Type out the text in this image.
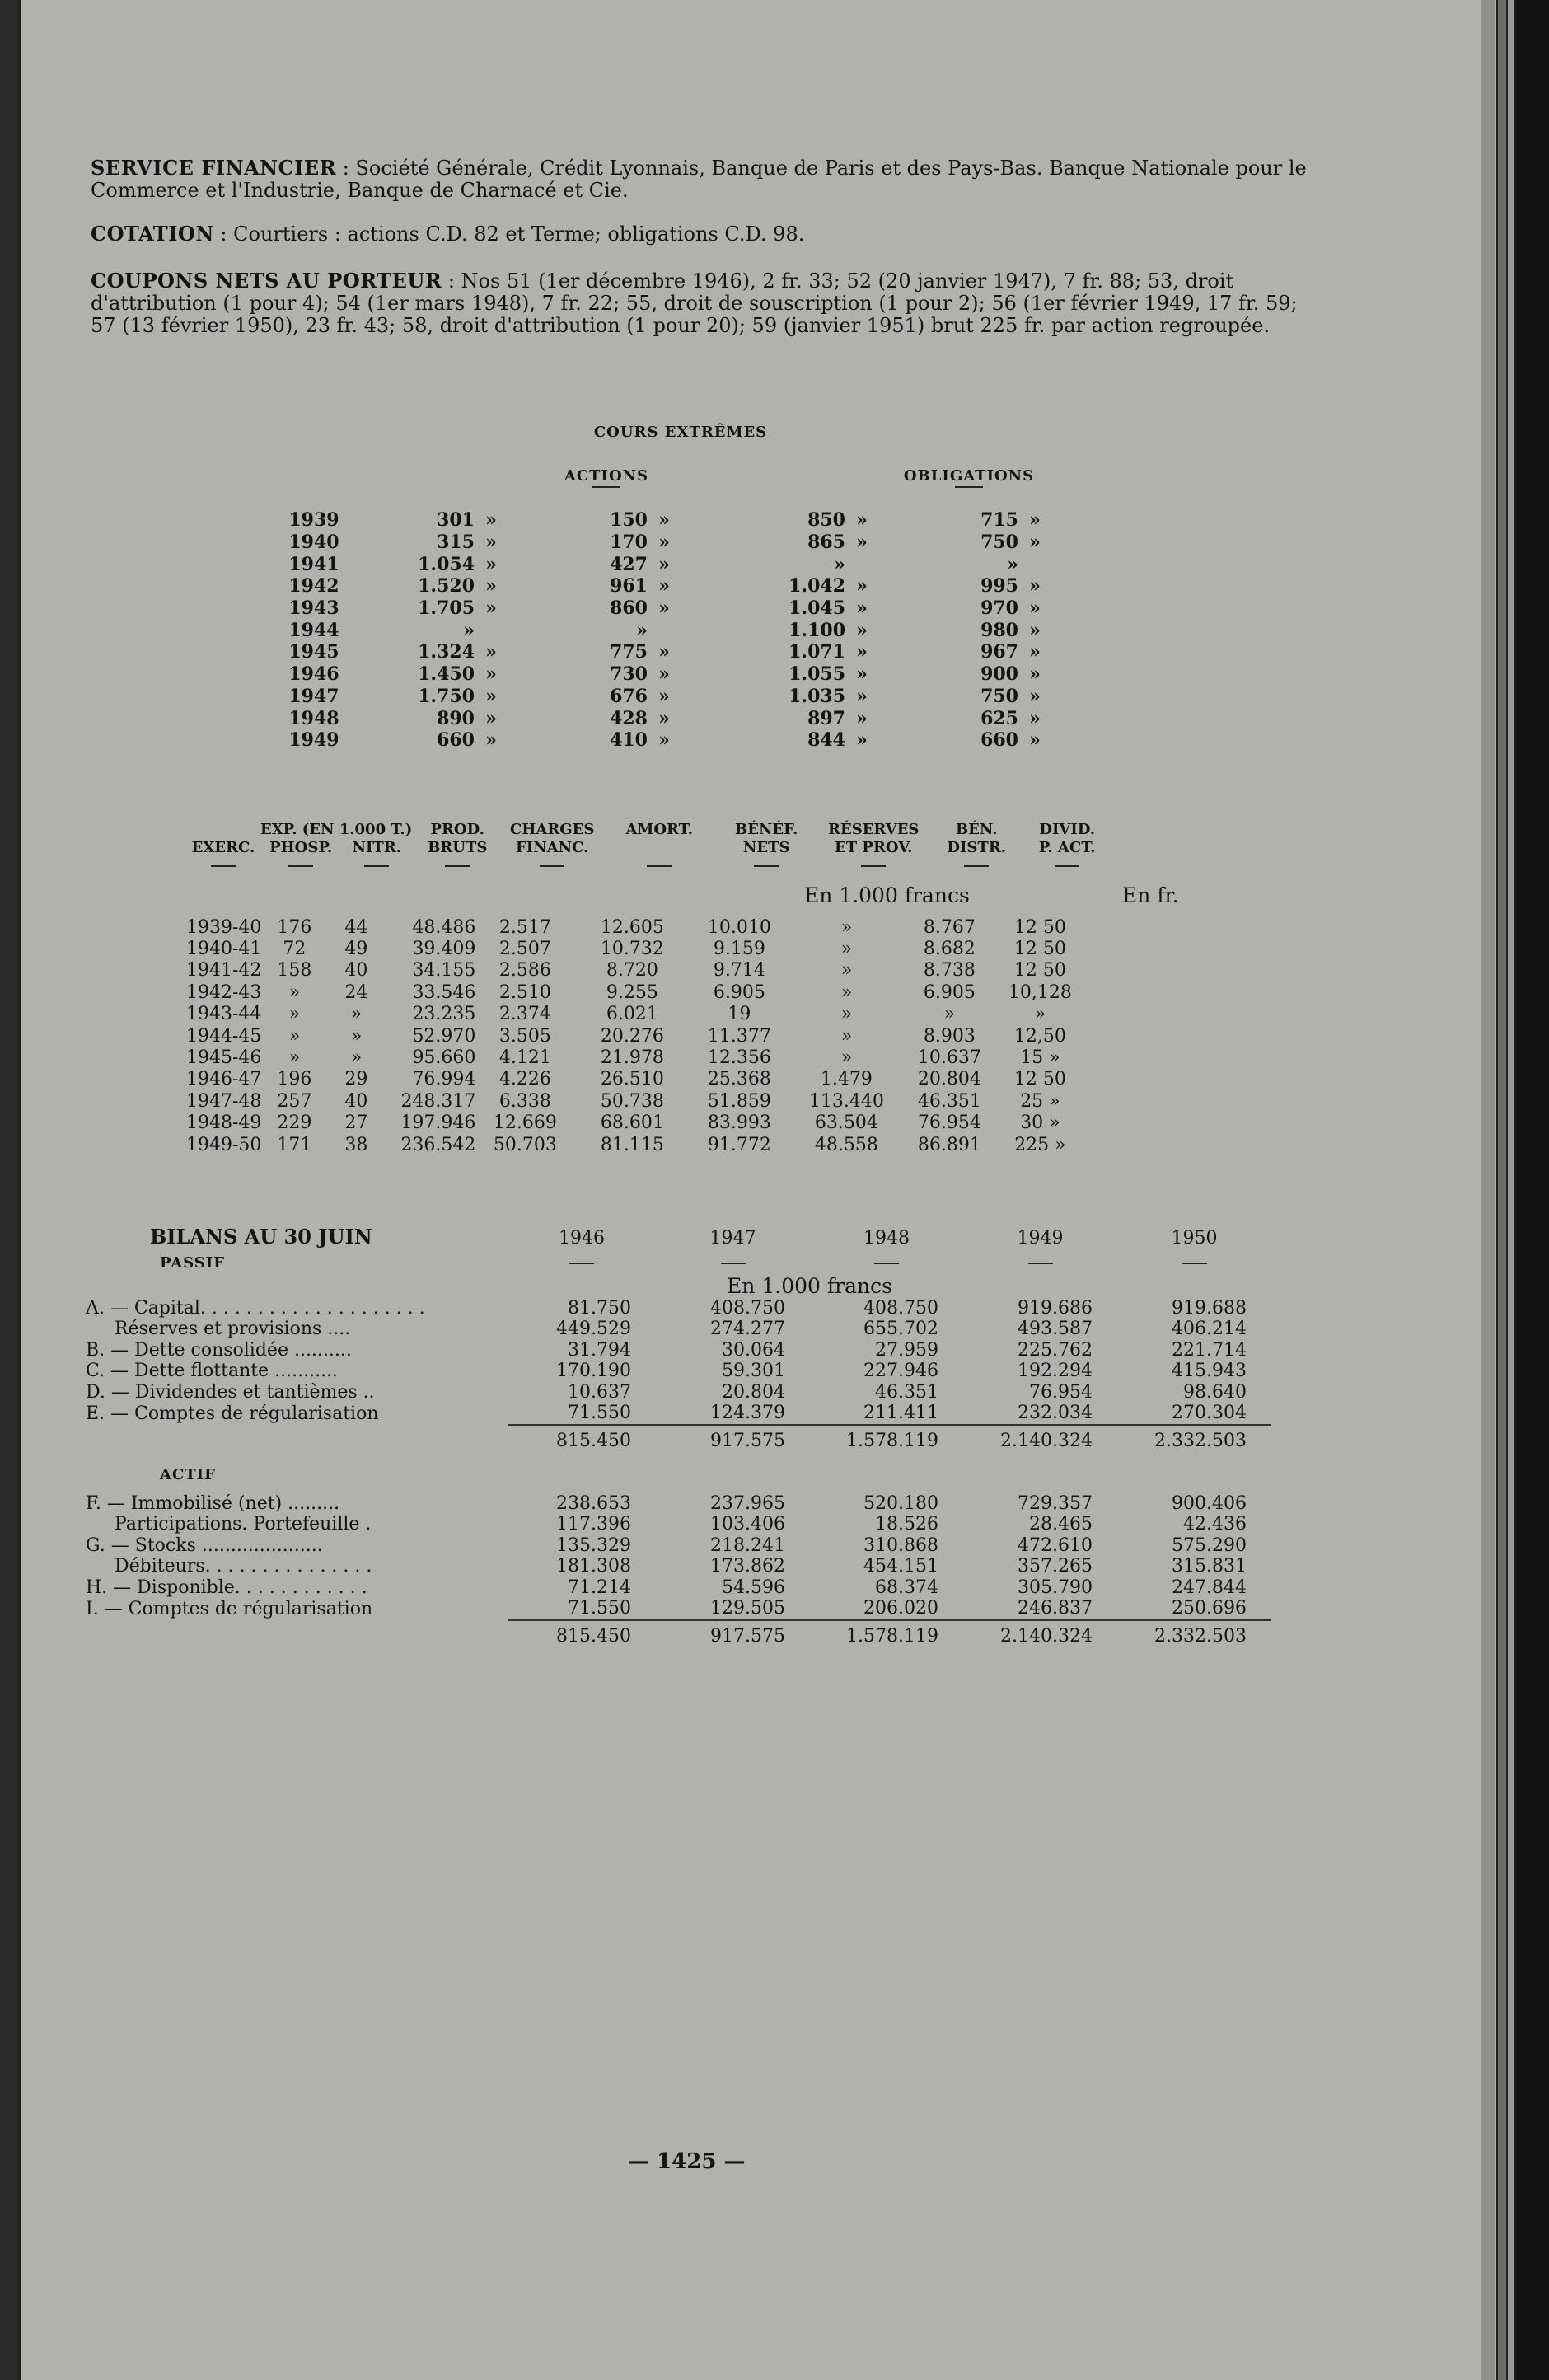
SERVICE FINANCIER : Société Générale, Crédit Lyonnais, Banque de Paris et des Pays-Bas. Banque Nationale pour le Commerce et l'Industrie, Banque de Charnacé et Cie.

COTATION : Courtiers : actions C.D. 82 et Terme; obligations C.D. 98.

COUPONS NETS AU PORTEUR : Nos 51 (1er décembre 1946), 2 fr. 33; 52 (20 janvier 1947), 7 fr. 88; 53, droit d'attribution (1 pour 4); 54 (1er mars 1948), 7 fr. 22; 55, droit de souscription (1 pour 2); 56 (1er février 1949, 17 fr. 59; 57 (13 février 1950), 23 fr. 43; 58, droit d'attribution (1 pour 20); 59 (janvier 1951) brut 225 fr. par action regroupée.

COURS EXTRÊMES
ACTIONS	OBLIGATIONS
1939	301	»	150	»	850	»	715	»
1940	315	»	170	»	865	»	750	»
1941	1.054	»	427	»	»		»	
1942	1.520	»	961	»	1.042	»	995	»
1943	1.705	»	860	»	1.045	»	970	»
1944	»		»		1.100	»	980	»
1945	1.324	»	775	»	1.071	»	967	»
1946	1.450	»	730	»	1.055	»	900	»
1947	1.750	»	676	»	1.035	»	750	»
1948	890	»	428	»	897	»	625	»
1949	660	»	410	»	844	»	660	»
	EXP. (EN 1.000 T.)		PROD.	CHARGES	AMORT.	BÉNÉF.	RÉSERVES	BÉN.	DIVID.
EXERC.	PHOSP.	NITR.	BRUTS	FINANC.		NETS	ET PROV.	DISTR.	P. ACT.

En 1.000 francs	En fr.
1939-40	176	44	48.486	2.517	12.605	10.010	»	8.767	12 50
1940-41	72	49	39.409	2.507	10.732	9.159	»	8.682	12 50
1941-42	158	40	34.155	2.586	8.720	9.714	»	8.738	12 50
1942-43	»	24	33.546	2.510	9.255	6.905	»	6.905	10,128
1943-44	»	»	23.235	2.374	6.021	19	»	»	»
1944-45	»	»	52.970	3.505	20.276	11.377	»	8.903	12,50
1945-46	»	»	95.660	4.121	21.978	12.356	»	10.637	15 »
1946-47	196	29	76.994	4.226	26.510	25.368	1.479	20.804	12 50
1947-48	257	40	248.317	6.338	50.738	51.859	113.440	46.351	25 »
1948-49	229	27	197.946	12.669	68.601	83.993	63.504	76.954	30 »
1949-50	171	38	236.542	50.703	81.115	91.772	48.558	86.891	225 »
BILANS AU 30 JUIN
		1946	1947	1948	1949	1950
PASSIF					
		En 1.000 francs			
A. — Capital. . . . . . . . . . . . . . . . . . . .	81.750	408.750	408.750	919.686	919.688
Réserves et provisions ....	449.529	274.277	655.702	493.587	406.214
B. — Dette consolidée ..........	31.794	30.064	27.959	225.762	221.714
C. — Dette flottante ...........	170.190	59.301	227.946	192.294	415.943
D. — Dividendes et tantièmes ..	10.637	20.804	46.351	76.954	98.640
E. — Comptes de régularisation	71.550	124.379	211.411	232.034	270.304
	815.450	917.575	1.578.119	2.140.324	2.332.503
ACTIF					
F. — Immobilisé (net) .........	238.653	237.965	520.180	729.357	900.406
Participations. Portefeuille .	117.396	103.406	18.526	28.465	42.436
G. — Stocks .....................	135.329	218.241	310.868	472.610	575.290
Débiteurs. . . . . . . . . . . . . . .	181.308	173.862	454.151	357.265	315.831
H. — Disponible. . . . . . . . . . . .	71.214	54.596	68.374	305.790	247.844
I. — Comptes de régularisation	71.550	129.505	206.020	246.837	250.696
	815.450	917.575	1.578.119	2.140.324	2.332.503
— 1425 —
